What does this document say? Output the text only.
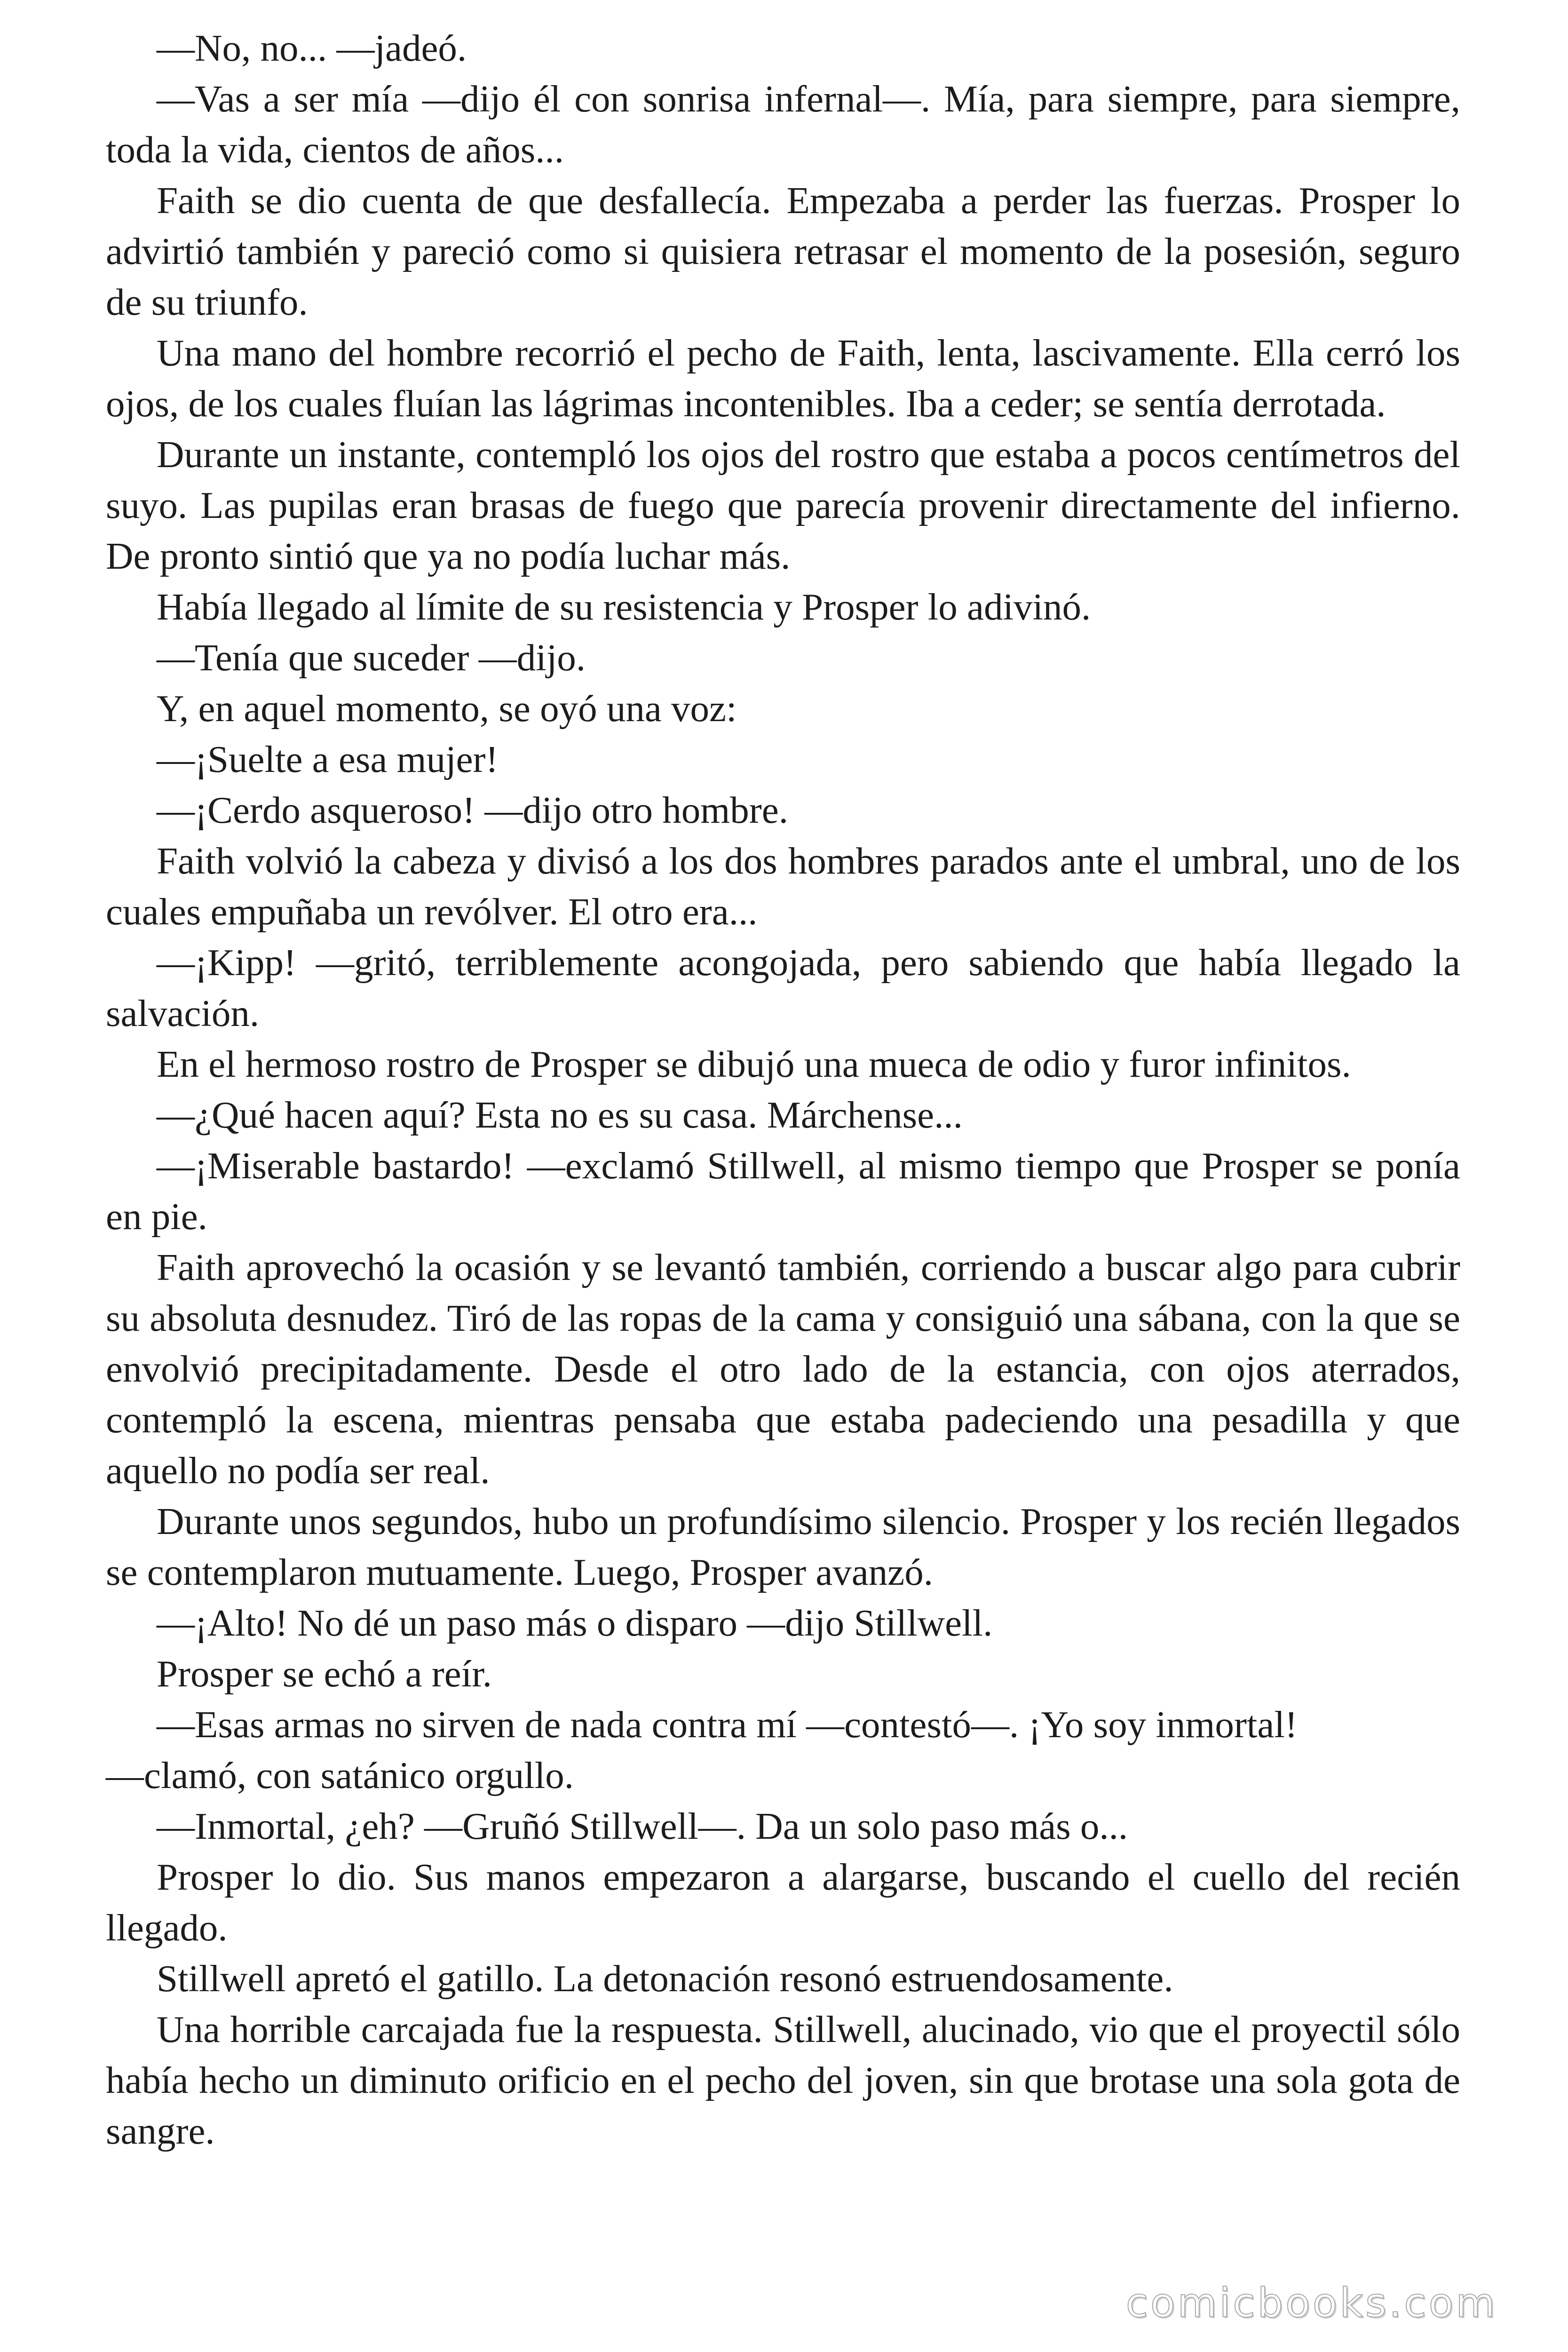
—No, no... —jadeó.

—Vas a ser mía —dijo él con sonrisa infernal—. Mía, para siempre, para siempre, toda la vida, cientos de años...

Faith se dio cuenta de que desfallecía. Empezaba a perder las fuerzas. Prosper lo advirtió también y pareció como si quisiera retrasar el momento de la posesión, seguro de su triunfo.

Una mano del hombre recorrió el pecho de Faith, lenta, lascivamente. Ella cerró los ojos, de los cuales fluían las lágrimas incontenibles. Iba a ceder; se sentía derrotada.

Durante un instante, contempló los ojos del rostro que estaba a pocos centímetros del suyo. Las pupilas eran brasas de fuego que parecía provenir directamente del infierno. De pronto sintió que ya no podía luchar más.

Había llegado al límite de su resistencia y Prosper lo adivinó.

—Tenía que suceder —dijo.

Y, en aquel momento, se oyó una voz:

—¡Suelte a esa mujer!

—¡Cerdo asqueroso! —dijo otro hombre.

Faith volvió la cabeza y divisó a los dos hombres parados ante el umbral, uno de los cuales empuñaba un revólver. El otro era...

—¡Kipp! —gritó, terriblemente acongojada, pero sabiendo que había llegado la salvación.

En el hermoso rostro de Prosper se dibujó una mueca de odio y furor infinitos.

—¿Qué hacen aquí? Esta no es su casa. Márchense...

—¡Miserable bastardo! —exclamó Stillwell, al mismo tiempo que Prosper se ponía en pie.

Faith aprovechó la ocasión y se levantó también, corriendo a buscar algo para cubrir su absoluta desnudez. Tiró de las ropas de la cama y consiguió una sábana, con la que se envolvió precipitadamente. Desde el otro lado de la estancia, con ojos aterrados, contempló la escena, mientras pensaba que estaba padeciendo una pesadilla y que aquello no podía ser real.

Durante unos segundos, hubo un profundísimo silencio. Prosper y los recién llegados se contemplaron mutuamente. Luego, Prosper avanzó.

—¡Alto! No dé un paso más o disparo —dijo Stillwell.

Prosper se echó a reír.

—Esas armas no sirven de nada contra mí —contestó—. ¡Yo soy inmortal!

—clamó, con satánico orgullo.

—Inmortal, ¿eh? —Gruñó Stillwell—. Da un solo paso más o...

Prosper lo dio. Sus manos empezaron a alargarse, buscando el cuello del recién llegado.

Stillwell apretó el gatillo. La detonación resonó estruendosamente.

Una horrible carcajada fue la respuesta. Stillwell, alucinado, vio que el proyectil sólo había hecho un diminuto orificio en el pecho del joven, sin que brotase una sola gota de sangre.

comicbooks.com
